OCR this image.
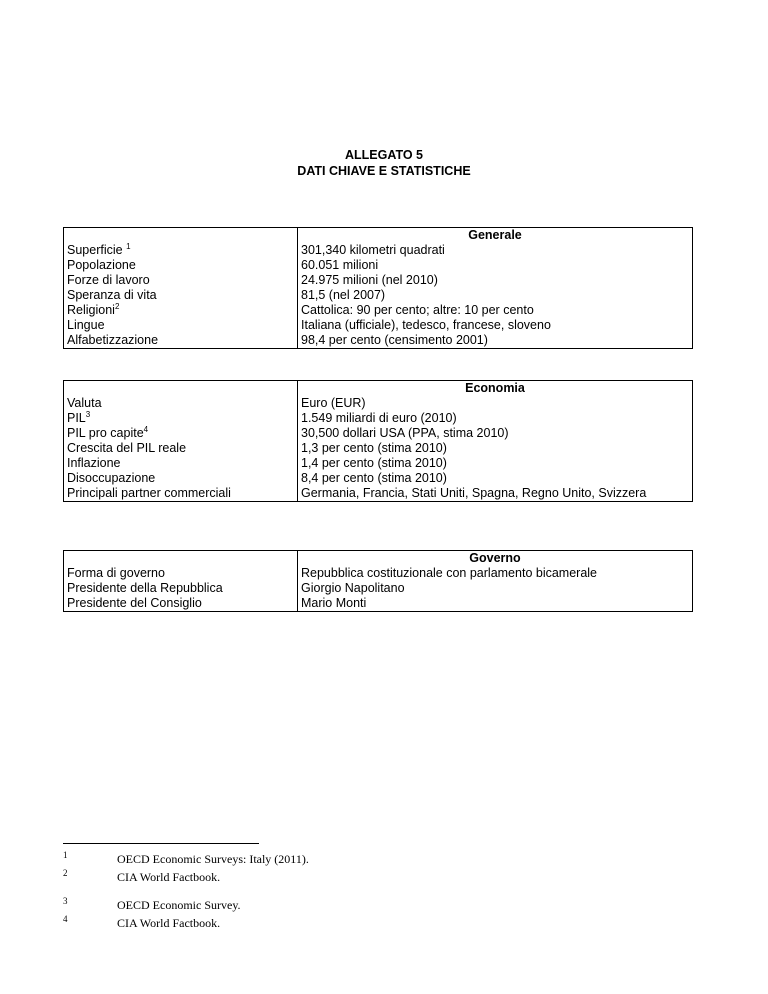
ALLEGATO 5
DATI CHIAVE E STATISTICHE
	Generale
Superficie $^1$	301,340 kilometri quadrati
Popolazione	60.051 milioni
Forze di lavoro	24.975 milioni (nel 2010)
Speranza di vita	81,5 (nel 2007)
Religioni$^2$	Cattolica: 90 per cento; altre: 10 per cento
Lingue	Italiana (ufficiale), tedesco, francese, sloveno
Alfabetizzazione	98,4 per cento (censimento 2001)
	Economia
Valuta	Euro (EUR)
PIL$^3$	1.549 miliardi di euro (2010)
PIL pro capite$^4$	30,500 dollari USA (PPA, stima 2010)
Crescita del PIL reale	1,3 per cento (stima 2010)
Inflazione	1,4 per cento (stima 2010)
Disoccupazione	8,4 per cento (stima 2010)
Principali partner commerciali	Germania, Francia, Stati Uniti, Spagna, Regno Unito, Svizzera
	Governo
Forma di governo	Repubblica costituzionale con parlamento bicamerale
Presidente della Repubblica	Giorgio Napolitano
Presidente del Consiglio	Mario Monti
1	OECD Economic Surveys: Italy (2011).
2	CIA World Factbook.
3	OECD Economic Survey.
4	CIA World Factbook.
